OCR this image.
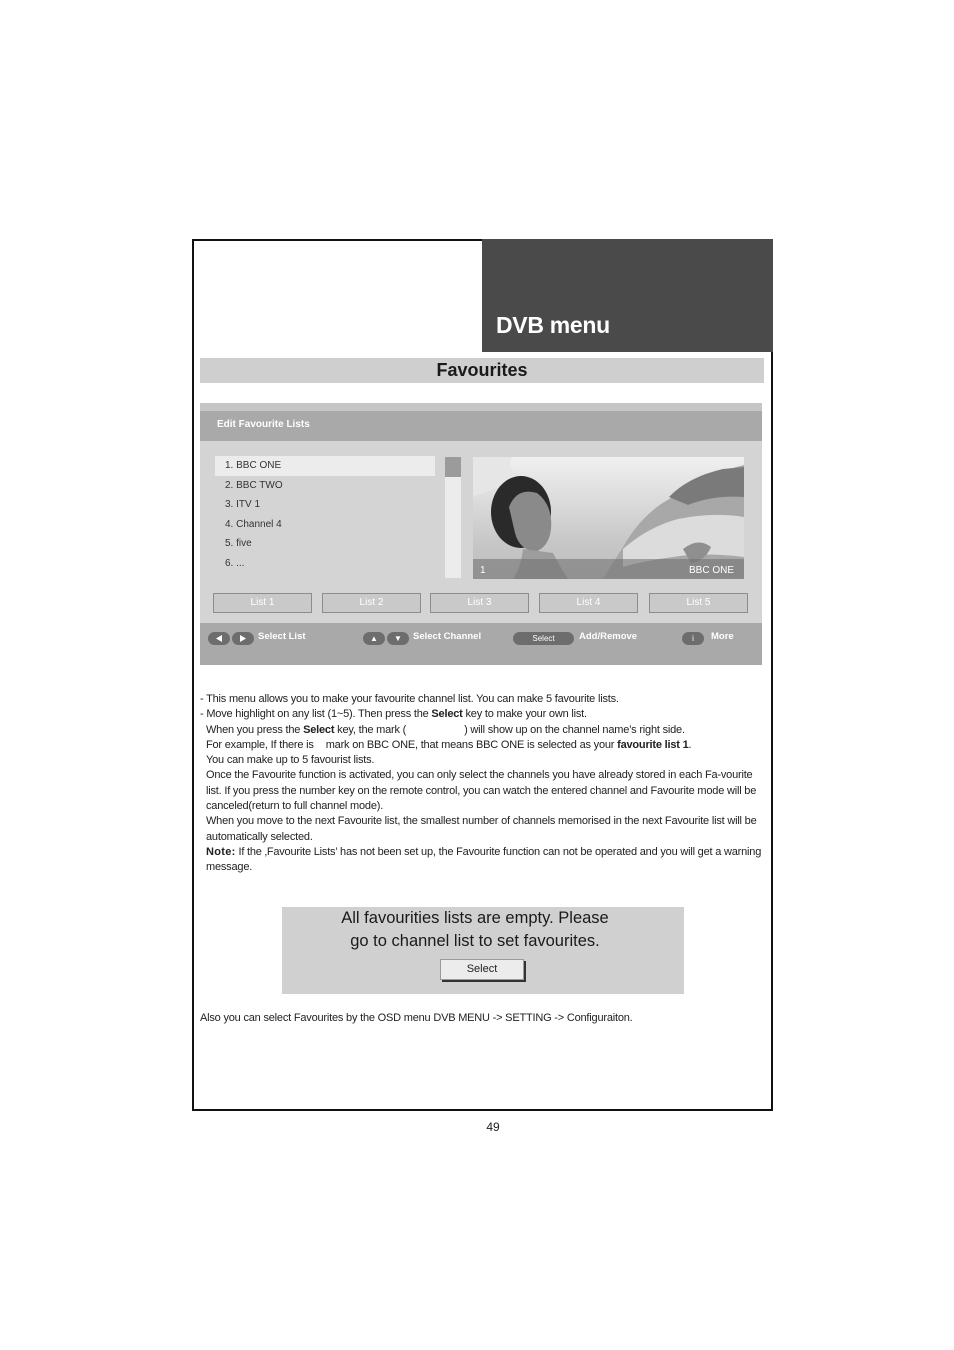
DVB menu
Favourites
Edit Favourite Lists
1. BBC ONE
2. BBC TWO
3. ITV 1
4. Channel 4
5. five
6. ...
1	BBC ONE
List 1	List 2	List 3	List 4	List 5
Select List	▲	▼	Select Channel	Select	Add/Remove	i	More

- This menu allows you to make your favourite channel list. You can make 5 favourite lists.

- Move highlight on any list (1~5). Then press the Select key to make your own list.

When you press the Select key, the mark (	) will show up on the channel name’s right side.

For example, If there is mark on BBC ONE, that means BBC ONE is selected as your favourite list 1.

You can make up to 5 favourist lists.

Once the Favourite function is activated, you can only select the channels you have already stored in each Fa-vourite list. If you press the number key on the remote control, you can watch the entered channel and Favourite mode will be canceled(return to full channel mode).

When you move to the next Favourite list, the smallest number of channels memorised in the next Favourite list will be automatically selected.

Note: If the ‚Favourite Lists’ has not been set up, the Favourite function can not be operated and you will get a warning message.

All favourities lists are empty. Please
go to channel list to set favourites.
Select
Also you can select Favourites by the OSD menu DVB MENU -> SETTING -> Configuraiton.
49
